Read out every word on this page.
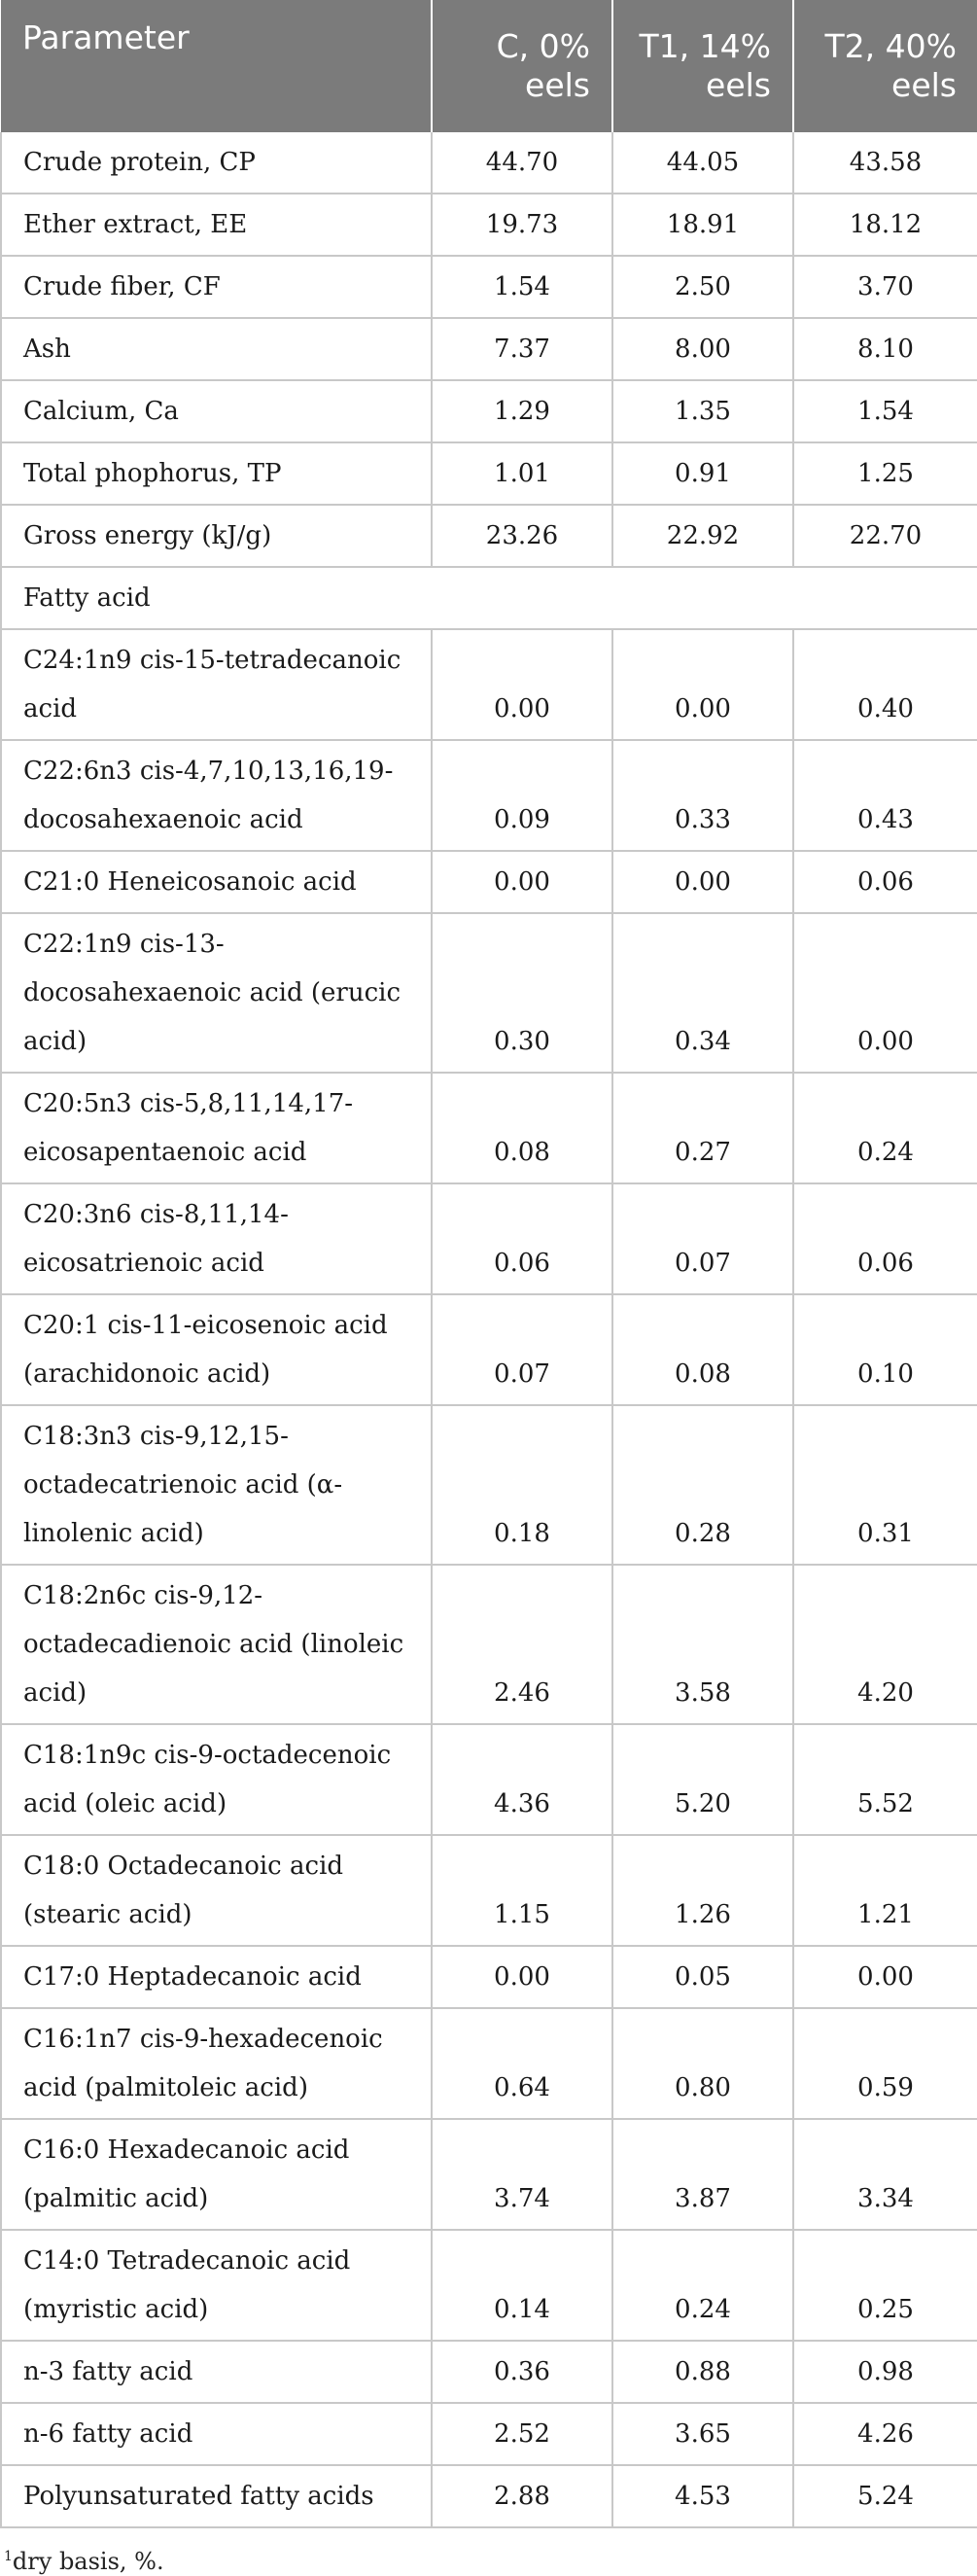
Parameter	C, 0% eels	T1, 14% eels	T2, 40% eels
Crude protein, CP	44.70	44.05	43.58
Ether extract, EE	19.73	18.91	18.12
Crude fiber, CF	1.54	2.50	3.70
Ash	7.37	8.00	8.10
Calcium, Ca	1.29	1.35	1.54
Total phophorus, TP	1.01	0.91	1.25
Gross energy (kJ/g)	23.26	22.92	22.70
Fatty acid			
C24:1n9 cis-15-tetradecanoic acid	0.00	0.00	0.40
C22:6n3 cis-4,7,10,13,16,19-docosahexaenoic acid	0.09	0.33	0.43
C21:0 Heneicosanoic acid	0.00	0.00	0.06
C22:1n9 cis-13-docosahexaenoic acid (erucic acid)	0.30	0.34	0.00
C20:5n3 cis-5,8,11,14,17-eicosapentaenoic acid	0.08	0.27	0.24
C20:3n6 cis-8,11,14-eicosatrienoic acid	0.06	0.07	0.06
C20:1 cis-11-eicosenoic acid (arachidonoic acid)	0.07	0.08	0.10
C18:3n3 cis-9,12,15-octadecatrienoic acid (α-linolenic acid)	0.18	0.28	0.31
C18:2n6c cis-9,12-octadecadienoic acid (linoleic acid)	2.46	3.58	4.20
C18:1n9c cis-9-octadecenoic acid (oleic acid)	4.36	5.20	5.52
C18:0 Octadecanoic acid (stearic acid)	1.15	1.26	1.21
C17:0 Heptadecanoic acid	0.00	0.05	0.00
C16:1n7 cis-9-hexadecenoic acid (palmitoleic acid)	0.64	0.80	0.59
C16:0 Hexadecanoic acid (palmitic acid)	3.74	3.87	3.34
C14:0 Tetradecanoic acid (myristic acid)	0.14	0.24	0.25
n-3 fatty acid	0.36	0.88	0.98
n-6 fatty acid	2.52	3.65	4.26
Polyunsaturated fatty acids	2.88	4.53	5.24
$^1$dry basis, %.
